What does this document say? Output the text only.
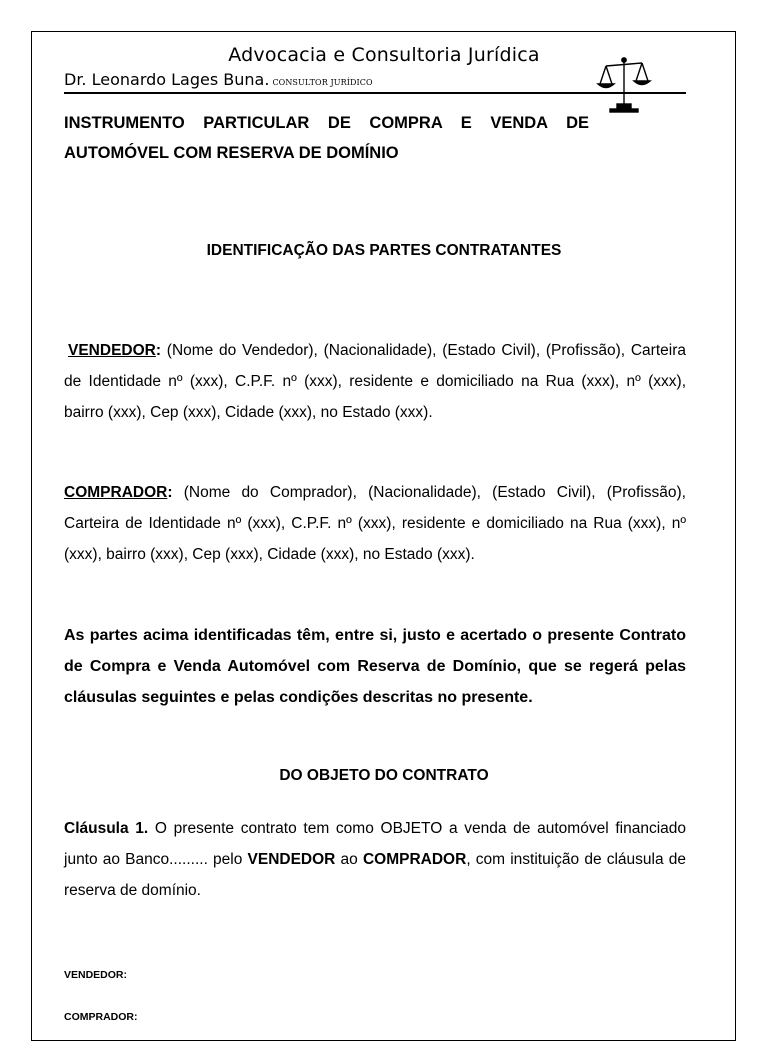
Advocacia e Consultoria Jurídica
Dr. Leonardo Lages Buna. CONSULTOR JURÍDICO
INSTRUMENTO PARTICULAR DE COMPRA E VENDA DE AUTOMÓVEL COM RESERVA DE DOMÍNIO
IDENTIFICAÇÃO DAS PARTES CONTRATANTES
VENDEDOR: (Nome do Vendedor), (Nacionalidade), (Estado Civil), (Profissão), Carteira de Identidade nº (xxx), C.P.F. nº (xxx), residente e domiciliado na Rua (xxx), nº (xxx), bairro (xxx), Cep (xxx), Cidade (xxx), no Estado (xxx).
COMPRADOR: (Nome do Comprador), (Nacionalidade), (Estado Civil), (Profissão), Carteira de Identidade nº (xxx), C.P.F. nº (xxx), residente e domiciliado na Rua (xxx), nº (xxx), bairro (xxx), Cep (xxx), Cidade (xxx), no Estado (xxx).
As partes acima identificadas têm, entre si, justo e acertado o presente Contrato de Compra e Venda Automóvel com Reserva de Domínio, que se regerá pelas cláusulas seguintes e pelas condições descritas no presente.
DO OBJETO DO CONTRATO
Cláusula 1. O presente contrato tem como OBJETO a venda de automóvel financiado junto ao Banco......... pelo VENDEDOR ao COMPRADOR, com instituição de cláusula de reserva de domínio.
VENDEDOR:
COMPRADOR:
